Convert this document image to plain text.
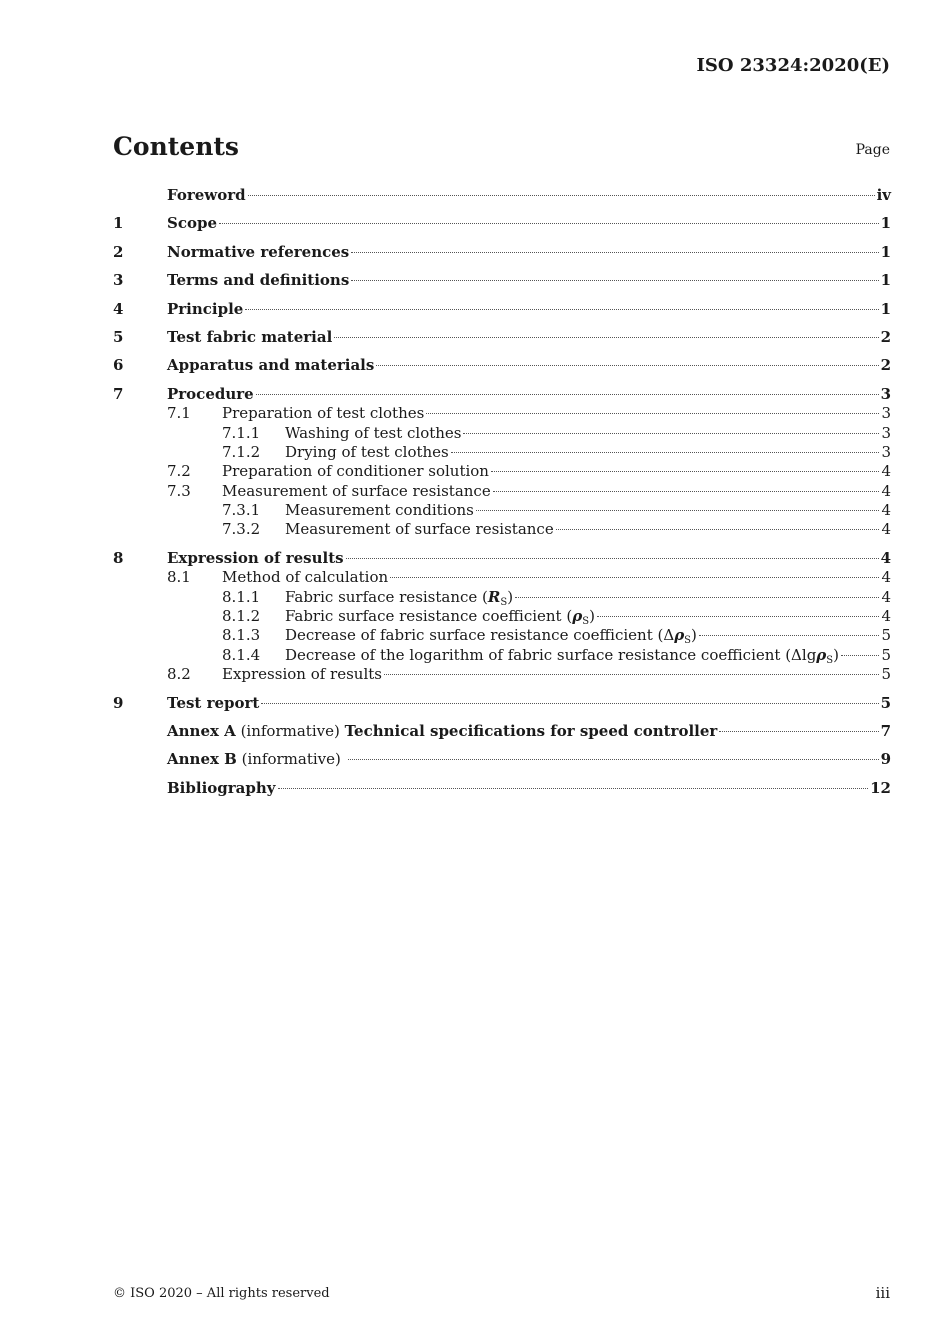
ISO 23324:2020(E)
Contents	Page
Foreword	iv
1	Scope	1
2	Normative references	1
3	Terms and definitions	1
4	Principle	1
5	Test fabric material	2
6	Apparatus and materials	2
7	Procedure	3
7.1	Preparation of test clothes	3
7.1.1	Washing of test clothes	3
7.1.2	Drying of test clothes	3
7.2	Preparation of conditioner solution	4
7.3	Measurement of surface resistance	4
7.3.1	Measurement conditions	4
7.3.2	Measurement of surface resistance	4
8	Expression of results	4
8.1	Method of calculation	4
8.1.1	Fabric surface resistance $(R_S)$	4
8.1.2	Fabric surface resistance coefficient $(\rho_S)$	4
8.1.3	Decrease of fabric surface resistance coefficient $(\Delta\rho_S)$	5
8.1.4	Decrease of the logarithm of fabric surface resistance coefficient (Δlgρ$_S$)	5
8.2	Expression of results	5
9	Test report	5
Annex A (informative) Technical specifications for speed controller	7
Annex B (informative)	9
Bibliography	12
© ISO 2020 – All rights reserved	iii
